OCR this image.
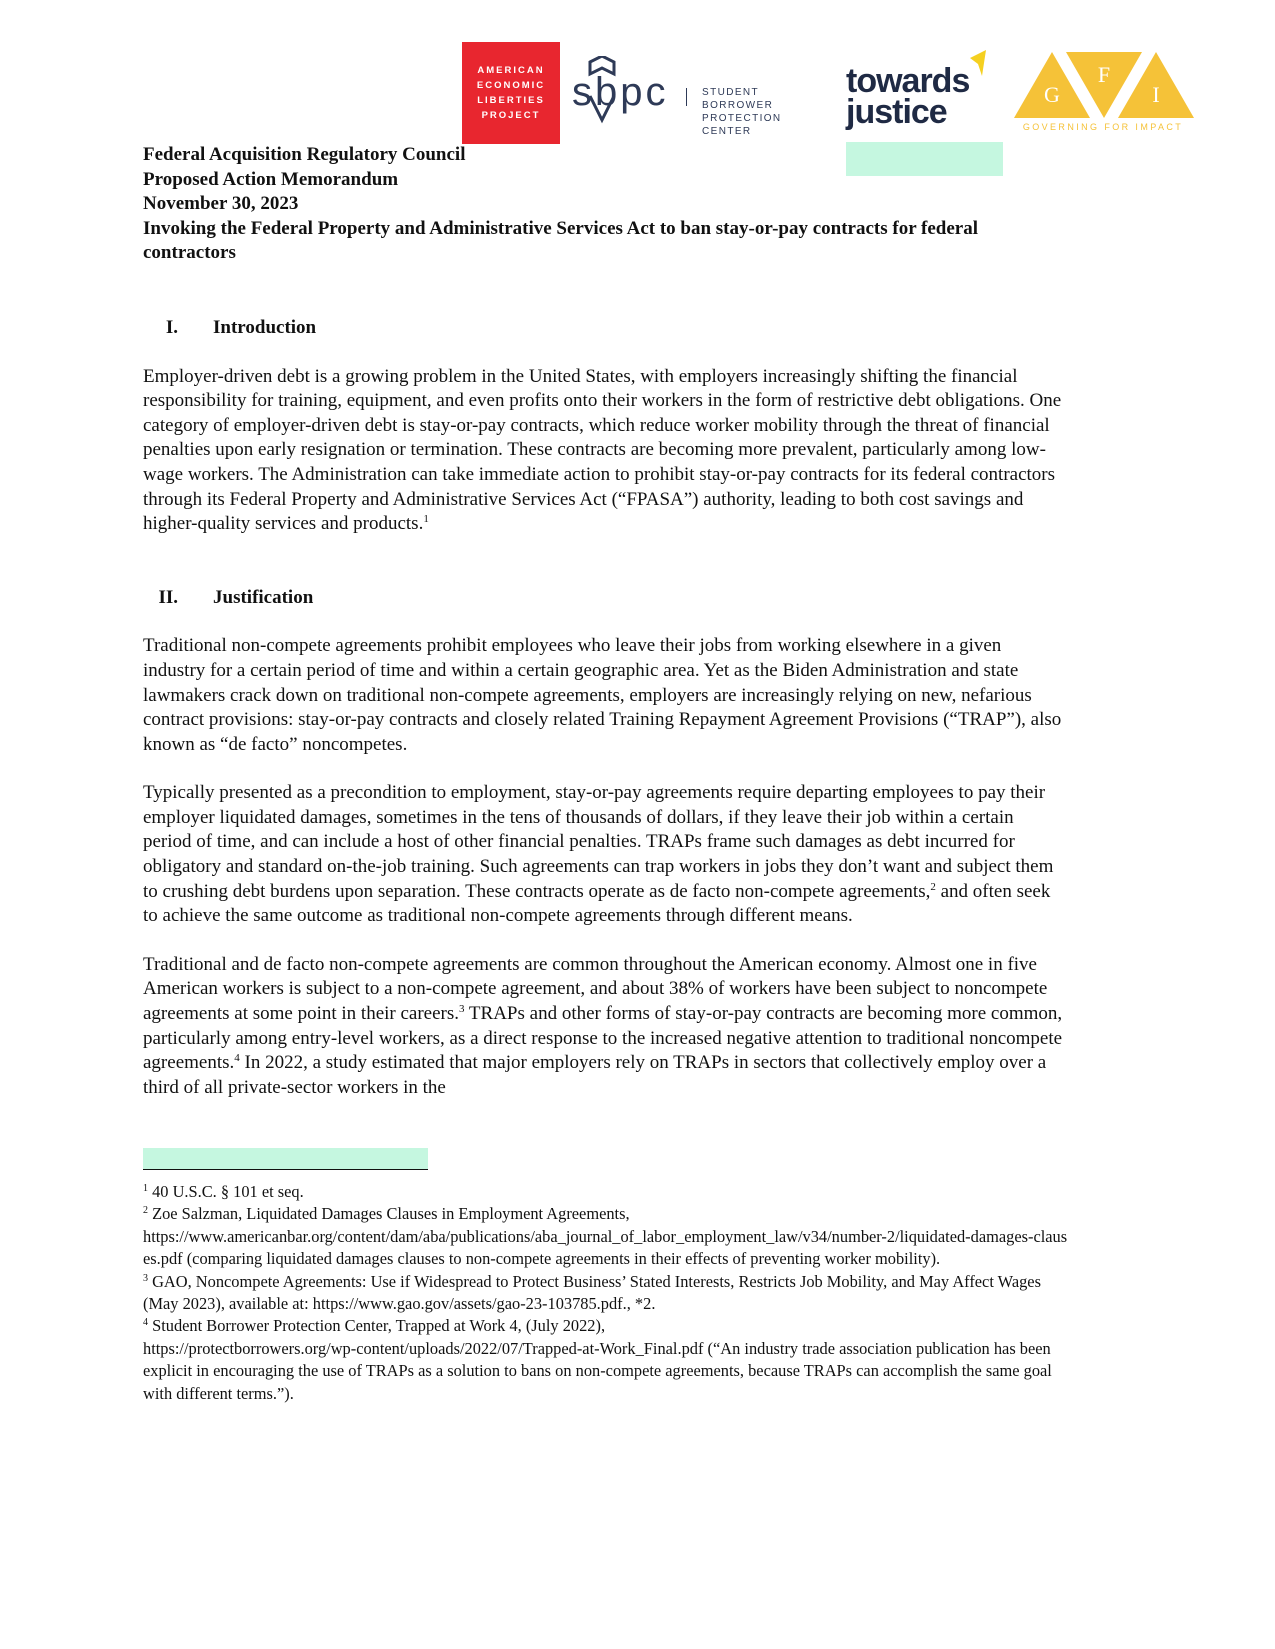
AMERICAN
ECONOMIC
LIBERTIES
PROJECT
sbpc	STUDENT BORROWER
PROTECTION CENTER
towards
justice	G
F
I
GOVERNING FOR IMPACT
Federal Acquisition Regulatory Council
Proposed Action Memorandum
November 30, 2023
Invoking the Federal Property and Administrative Services Act to ban stay-or-pay contracts for federal contractors
I.	Introduction
Employer-driven debt is a growing problem in the United States, with employers increasingly shifting the financial responsibility for training, equipment, and even profits onto their workers in the form of restrictive debt obligations. One category of employer-driven debt is stay-or-pay contracts, which reduce worker mobility through the threat of financial penalties upon early resignation or termination. These contracts are becoming more prevalent, particularly among low-wage workers. The Administration can take immediate action to prohibit stay-or-pay contracts for its federal contractors through its Federal Property and Administrative Services Act (“FPASA”) authority, leading to both cost savings and higher-quality services and products.$^1$
II.	Justification
Traditional non-compete agreements prohibit employees who leave their jobs from working elsewhere in a given industry for a certain period of time and within a certain geographic area. Yet as the Biden Administration and state lawmakers crack down on traditional non-compete agreements, employers are increasingly relying on new, nefarious contract provisions: stay-or-pay contracts and closely related Training Repayment Agreement Provisions (“TRAP”), also known as “de facto” noncompetes.
Typically presented as a precondition to employment, stay-or-pay agreements require departing employees to pay their employer liquidated damages, sometimes in the tens of thousands of dollars, if they leave their job within a certain period of time, and can include a host of other financial penalties. TRAPs frame such damages as debt incurred for obligatory and standard on-the-job training. Such agreements can trap workers in jobs they don’t want and subject them to crushing debt burdens upon separation. These contracts operate as de facto non-compete agreements,$^2$ and often seek to achieve the same outcome as traditional non-compete agreements through different means.
Traditional and de facto non-compete agreements are common throughout the American economy. Almost one in five American workers is subject to a non-compete agreement, and about 38% of workers have been subject to noncompete agreements at some point in their careers.$^3$ TRAPs and other forms of stay-or-pay contracts are becoming more common, particularly among entry-level workers, as a direct response to the increased negative attention to traditional noncompete agreements.$^4$ In 2022, a study estimated that major employers rely on TRAPs in sectors that collectively employ over a third of all private-sector workers in the
$^1$ 40 U.S.C. § 101 et seq.
$^2$ Zoe Salzman, Liquidated Damages Clauses in Employment Agreements,
https://www.americanbar.org/content/dam/aba/publications/aba_journal_of_labor_employment_law/v34/number-2/liquidated-damages-clauses.pdf (comparing liquidated damages clauses to non-compete agreements in their effects of preventing worker mobility).
$^3$ GAO, Noncompete Agreements: Use if Widespread to Protect Business’ Stated Interests, Restricts Job Mobility, and May Affect Wages (May 2023), available at: https://www.gao.gov/assets/gao-23-103785.pdf., *2.
$^4$ Student Borrower Protection Center, Trapped at Work 4, (July 2022),
https://protectborrowers.org/wp-content/uploads/2022/07/Trapped-at-Work_Final.pdf (“An industry trade association publication has been explicit in encouraging the use of TRAPs as a solution to bans on non-compete agreements, because TRAPs can accomplish the same goal with different terms.”).
